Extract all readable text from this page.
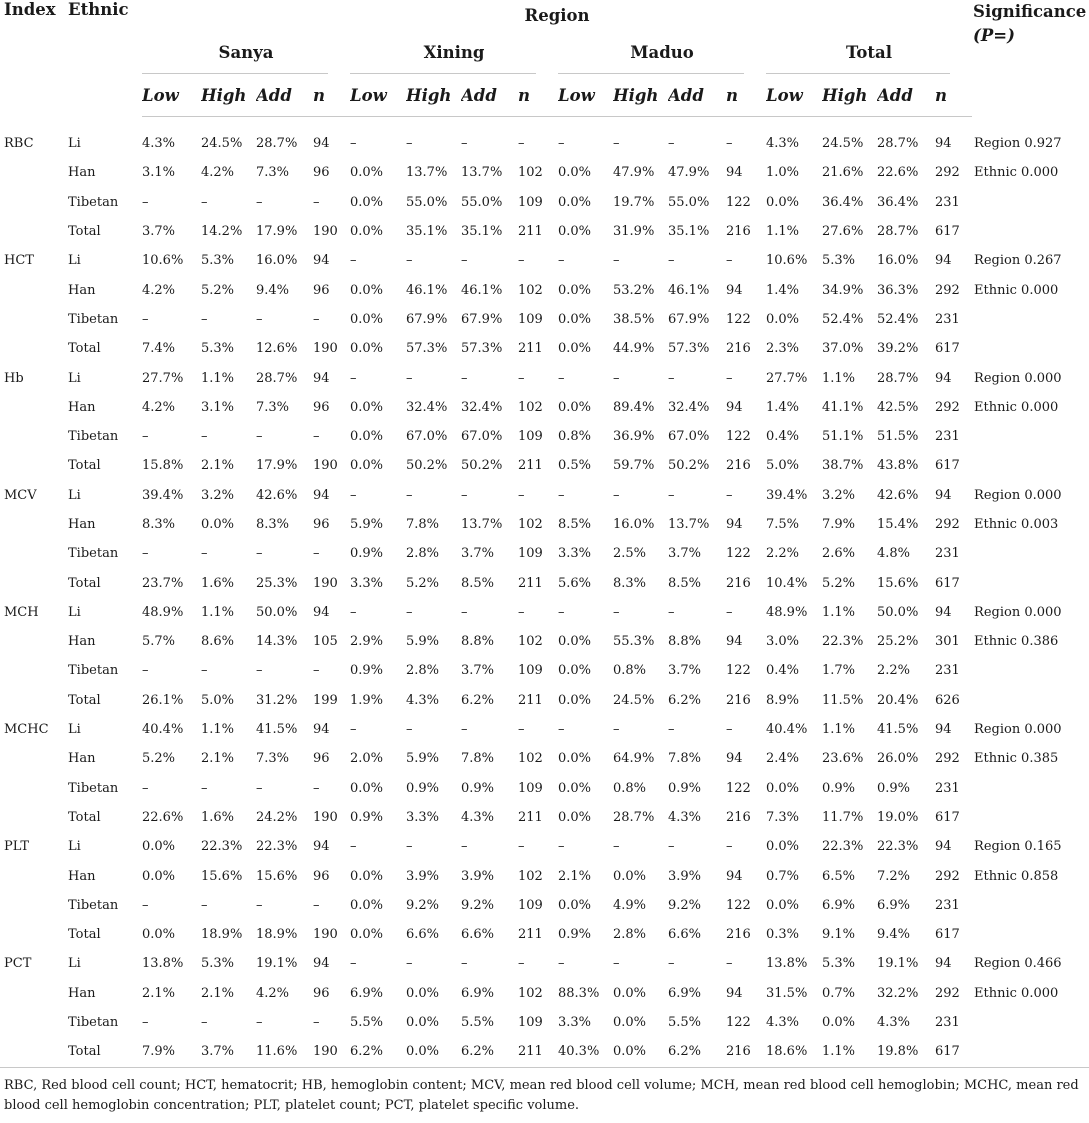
Index	Ethnic	Region																Significance
(P=)

		Sanya				Xining				Maduo				Total				
		Low	High	Add	n	Low	High	Add	n	Low	High	Add	n	Low	High	Add	n	

RBC	Li	4.3%	24.5%	28.7%	94	–	–	–	–	–	–	–	–	4.3%	24.5%	28.7%	94	Region 0.927
	Han	3.1%	4.2%	7.3%	96	0.0%	13.7%	13.7%	102	0.0%	47.9%	47.9%	94	1.0%	21.6%	22.6%	292	Ethnic 0.000
	Tibetan	–	–	–	–	0.0%	55.0%	55.0%	109	0.0%	19.7%	55.0%	122	0.0%	36.4%	36.4%	231	
	Total	3.7%	14.2%	17.9%	190	0.0%	35.1%	35.1%	211	0.0%	31.9%	35.1%	216	1.1%	27.6%	28.7%	617	
HCT	Li	10.6%	5.3%	16.0%	94	–	–	–	–	–	–	–	–	10.6%	5.3%	16.0%	94	Region 0.267
	Han	4.2%	5.2%	9.4%	96	0.0%	46.1%	46.1%	102	0.0%	53.2%	46.1%	94	1.4%	34.9%	36.3%	292	Ethnic 0.000
	Tibetan	–	–	–	–	0.0%	67.9%	67.9%	109	0.0%	38.5%	67.9%	122	0.0%	52.4%	52.4%	231	
	Total	7.4%	5.3%	12.6%	190	0.0%	57.3%	57.3%	211	0.0%	44.9%	57.3%	216	2.3%	37.0%	39.2%	617	
Hb	Li	27.7%	1.1%	28.7%	94	–	–	–	–	–	–	–	–	27.7%	1.1%	28.7%	94	Region 0.000
	Han	4.2%	3.1%	7.3%	96	0.0%	32.4%	32.4%	102	0.0%	89.4%	32.4%	94	1.4%	41.1%	42.5%	292	Ethnic 0.000
	Tibetan	–	–	–	–	0.0%	67.0%	67.0%	109	0.8%	36.9%	67.0%	122	0.4%	51.1%	51.5%	231	
	Total	15.8%	2.1%	17.9%	190	0.0%	50.2%	50.2%	211	0.5%	59.7%	50.2%	216	5.0%	38.7%	43.8%	617	
MCV	Li	39.4%	3.2%	42.6%	94	–	–	–	–	–	–	–	–	39.4%	3.2%	42.6%	94	Region 0.000
	Han	8.3%	0.0%	8.3%	96	5.9%	7.8%	13.7%	102	8.5%	16.0%	13.7%	94	7.5%	7.9%	15.4%	292	Ethnic 0.003
	Tibetan	–	–	–	–	0.9%	2.8%	3.7%	109	3.3%	2.5%	3.7%	122	2.2%	2.6%	4.8%	231	
	Total	23.7%	1.6%	25.3%	190	3.3%	5.2%	8.5%	211	5.6%	8.3%	8.5%	216	10.4%	5.2%	15.6%	617	
MCH	Li	48.9%	1.1%	50.0%	94	–	–	–	–	–	–	–	–	48.9%	1.1%	50.0%	94	Region 0.000
	Han	5.7%	8.6%	14.3%	105	2.9%	5.9%	8.8%	102	0.0%	55.3%	8.8%	94	3.0%	22.3%	25.2%	301	Ethnic 0.386
	Tibetan	–	–	–	–	0.9%	2.8%	3.7%	109	0.0%	0.8%	3.7%	122	0.4%	1.7%	2.2%	231	
	Total	26.1%	5.0%	31.2%	199	1.9%	4.3%	6.2%	211	0.0%	24.5%	6.2%	216	8.9%	11.5%	20.4%	626	
MCHC	Li	40.4%	1.1%	41.5%	94	–	–	–	–	–	–	–	–	40.4%	1.1%	41.5%	94	Region 0.000
	Han	5.2%	2.1%	7.3%	96	2.0%	5.9%	7.8%	102	0.0%	64.9%	7.8%	94	2.4%	23.6%	26.0%	292	Ethnic 0.385
	Tibetan	–	–	–	–	0.0%	0.9%	0.9%	109	0.0%	0.8%	0.9%	122	0.0%	0.9%	0.9%	231	
	Total	22.6%	1.6%	24.2%	190	0.9%	3.3%	4.3%	211	0.0%	28.7%	4.3%	216	7.3%	11.7%	19.0%	617	
PLT	Li	0.0%	22.3%	22.3%	94	–	–	–	–	–	–	–	–	0.0%	22.3%	22.3%	94	Region 0.165
	Han	0.0%	15.6%	15.6%	96	0.0%	3.9%	3.9%	102	2.1%	0.0%	3.9%	94	0.7%	6.5%	7.2%	292	Ethnic 0.858
	Tibetan	–	–	–	–	0.0%	9.2%	9.2%	109	0.0%	4.9%	9.2%	122	0.0%	6.9%	6.9%	231	
	Total	0.0%	18.9%	18.9%	190	0.0%	6.6%	6.6%	211	0.9%	2.8%	6.6%	216	0.3%	9.1%	9.4%	617	
PCT	Li	13.8%	5.3%	19.1%	94	–	–	–	–	–	–	–	–	13.8%	5.3%	19.1%	94	Region 0.466
	Han	2.1%	2.1%	4.2%	96	6.9%	0.0%	6.9%	102	88.3%	0.0%	6.9%	94	31.5%	0.7%	32.2%	292	Ethnic 0.000
	Tibetan	–	–	–	–	5.5%	0.0%	5.5%	109	3.3%	0.0%	5.5%	122	4.3%	0.0%	4.3%	231	
	Total	7.9%	3.7%	11.6%	190	6.2%	0.0%	6.2%	211	40.3%	0.0%	6.2%	216	18.6%	1.1%	19.8%	617	
RBC, Red blood cell count; HCT, hematocrit; HB, hemoglobin content; MCV, mean red blood cell volume; MCH, mean red blood cell hemoglobin; MCHC, mean red blood cell hemoglobin concentration; PLT, platelet count; PCT, platelet specific volume.
